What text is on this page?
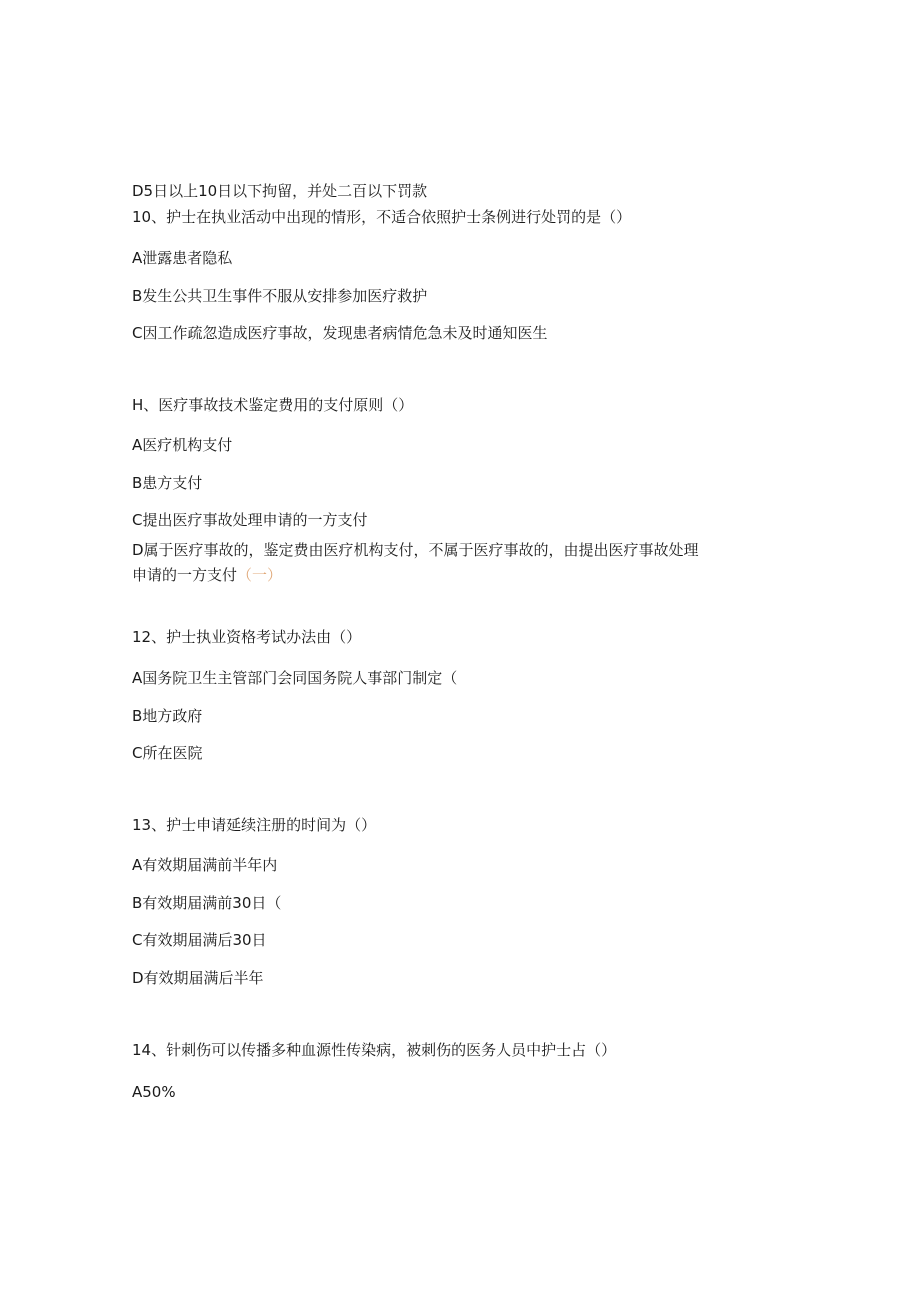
D5日以上10日以下拘留，并处二百以下罚款
10、护士在执业活动中出现的情形，不适合依照护士条例进行处罚的是（）
A泄露患者隐私
B发生公共卫生事件不服从安排参加医疗救护
C因工作疏忽造成医疗事故，发现患者病情危急未及时通知医生
H、医疗事故技术鉴定费用的支付原则（）
A医疗机构支付
B患方支付
C提出医疗事故处理申请的一方支付
D属于医疗事故的，鉴定费由医疗机构支付，不属于医疗事故的，由提出医疗事故处理
申请的一方支付（一）
12、护士执业资格考试办法由（）
A国务院卫生主管部门会同国务院人事部门制定（
B地方政府
C所在医院
13、护士申请延续注册的时间为（）
A有效期届满前半年内
B有效期届满前30日（
C有效期届满后30日
D有效期届满后半年
14、针刺伤可以传播多种血源性传染病，被刺伤的医务人员中护士占（）
A50%
